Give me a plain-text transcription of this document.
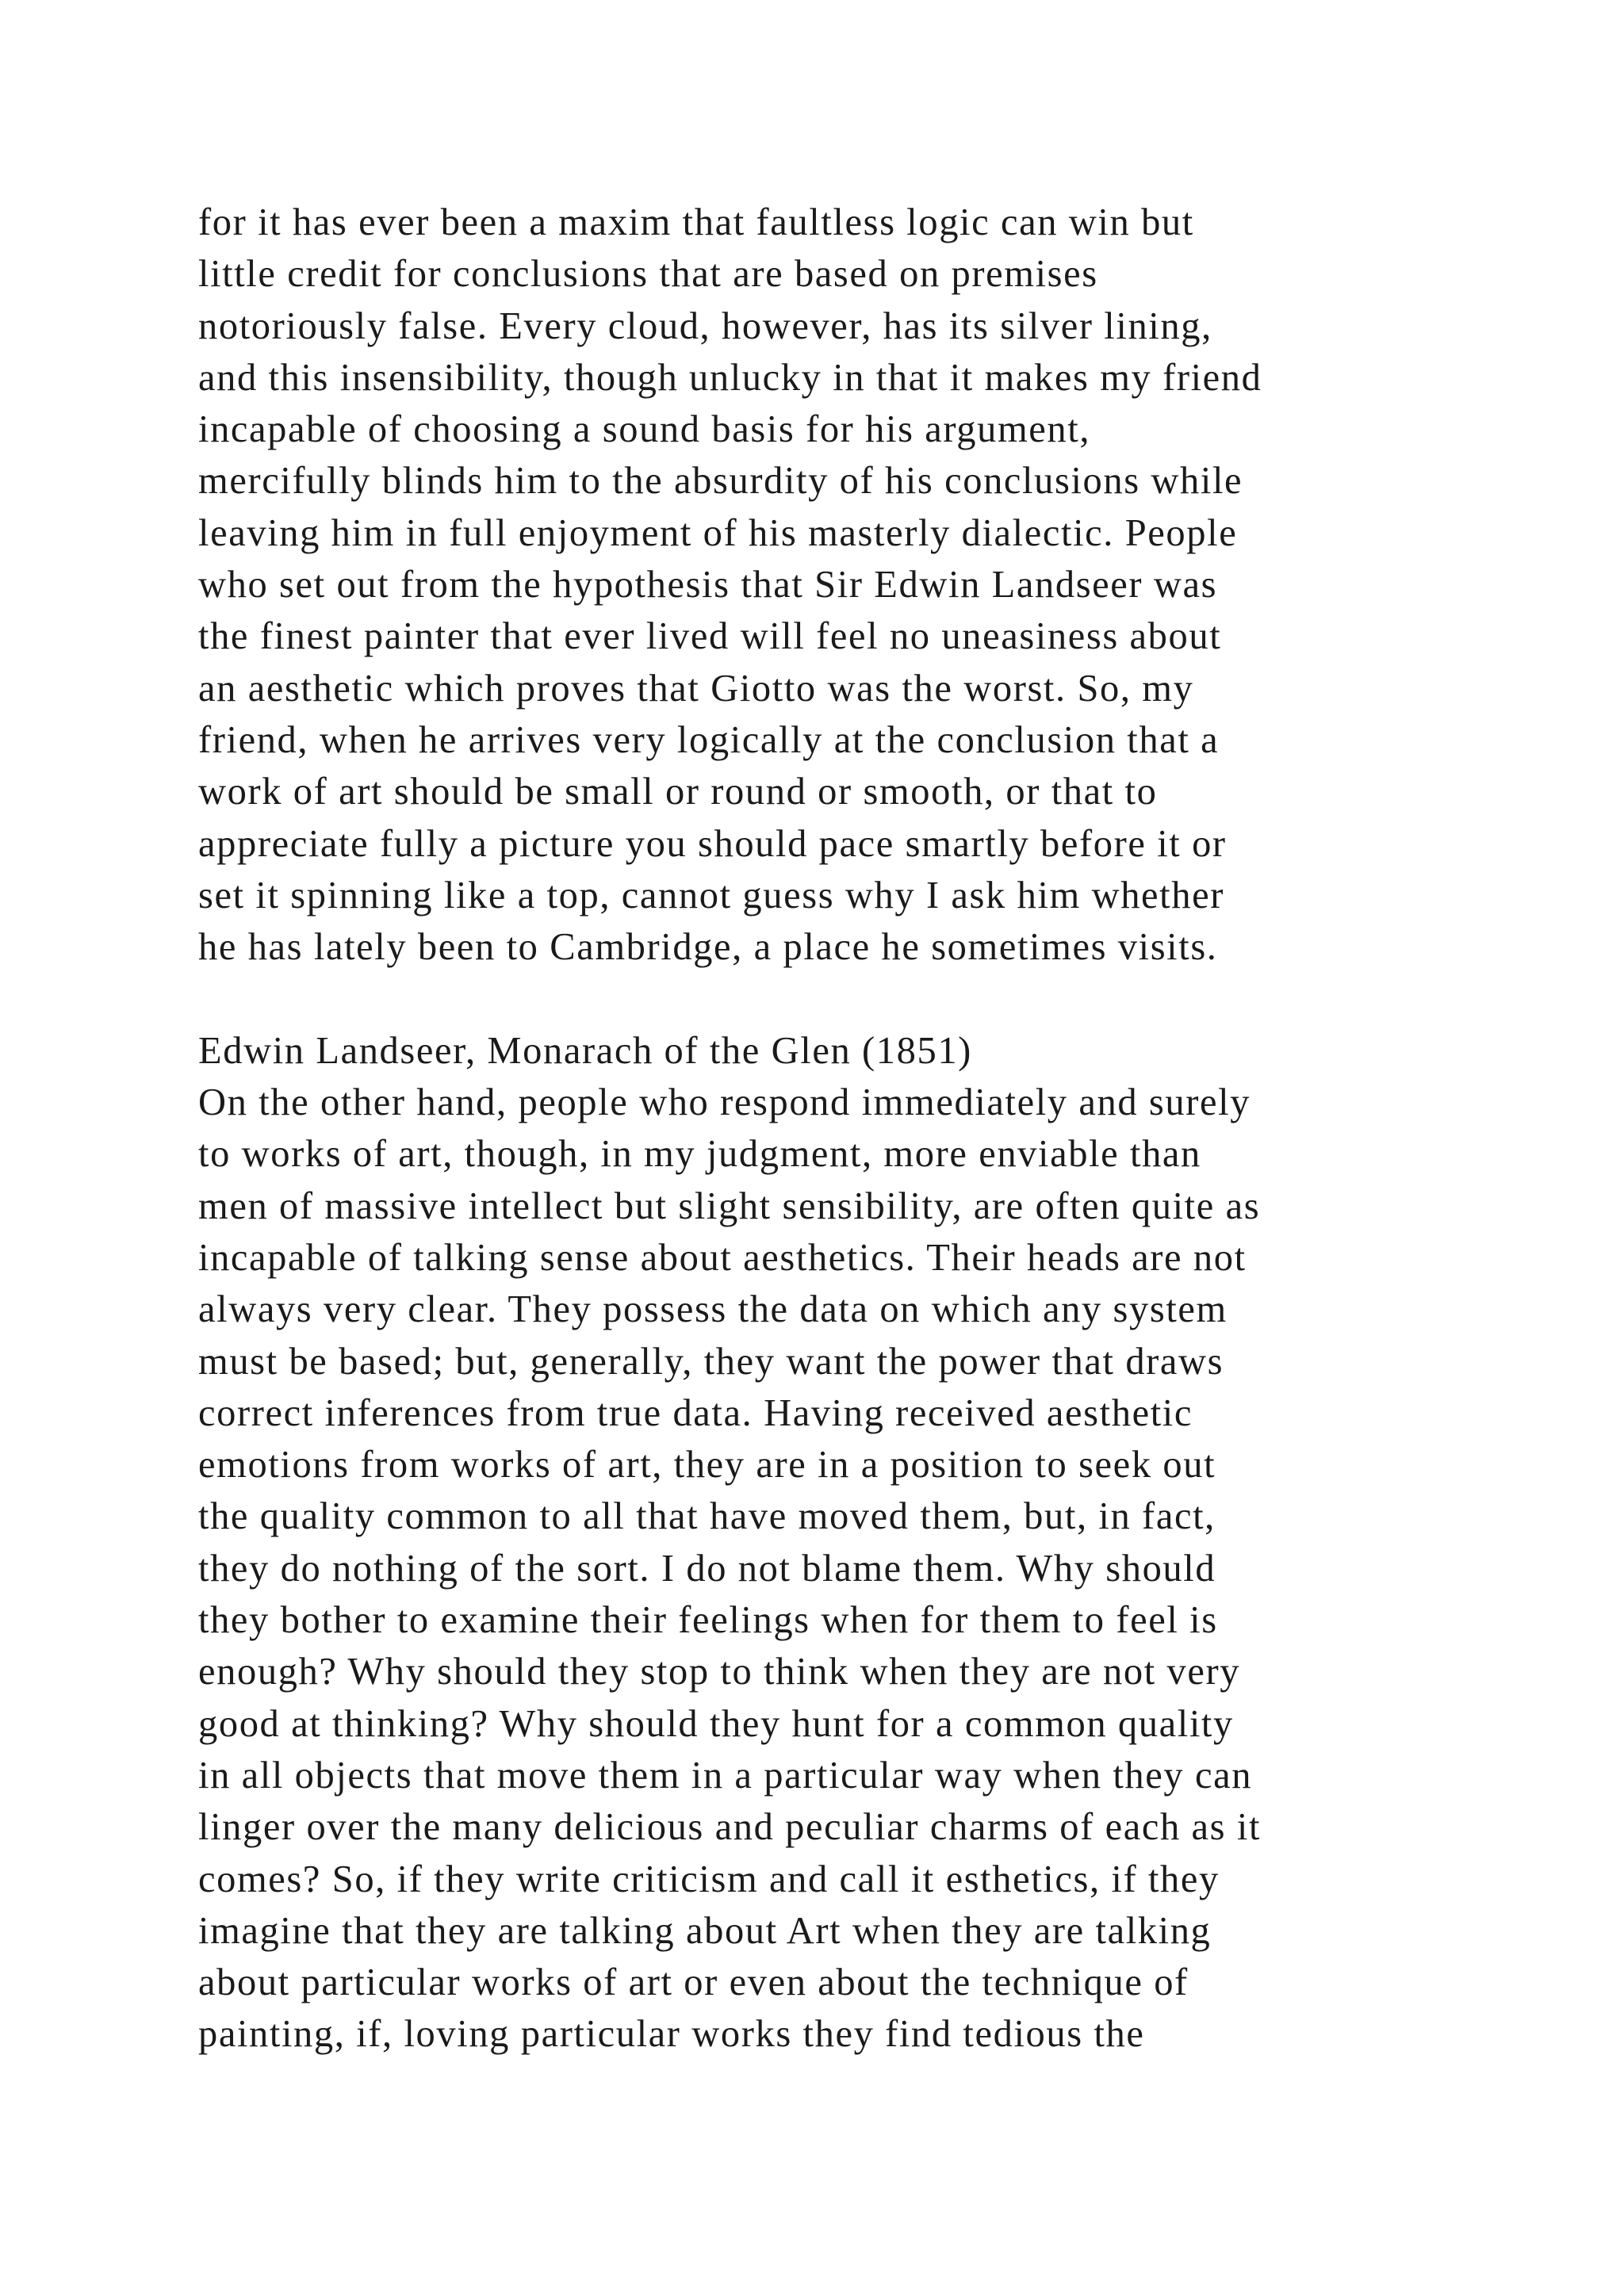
for it has ever been a maxim that faultless logic can win but
little credit for conclusions that are based on premises
notoriously false. Every cloud, however, has its silver lining,
and this insensibility, though unlucky in that it makes my friend
incapable of choosing a sound basis for his argument,
mercifully blinds him to the absurdity of his conclusions while
leaving him in full enjoyment of his masterly dialectic. People
who set out from the hypothesis that Sir Edwin Landseer was
the finest painter that ever lived will feel no uneasiness about
an aesthetic which proves that Giotto was the worst. So, my
friend, when he arrives very logically at the conclusion that a
work of art should be small or round or smooth, or that to
appreciate fully a picture you should pace smartly before it or
set it spinning like a top, cannot guess why I ask him whether
he has lately been to Cambridge, a place he sometimes visits.
Edwin Landseer, Monarach of the Glen (1851)
On the other hand, people who respond immediately and surely
to works of art, though, in my judgment, more enviable than
men of massive intellect but slight sensibility, are often quite as
incapable of talking sense about aesthetics. Their heads are not
always very clear. They possess the data on which any system
must be based; but, generally, they want the power that draws
correct inferences from true data. Having received aesthetic
emotions from works of art, they are in a position to seek out
the quality common to all that have moved them, but, in fact,
they do nothing of the sort. I do not blame them. Why should
they bother to examine their feelings when for them to feel is
enough? Why should they stop to think when they are not very
good at thinking? Why should they hunt for a common quality
in all objects that move them in a particular way when they can
linger over the many delicious and peculiar charms of each as it
comes? So, if they write criticism and call it esthetics, if they
imagine that they are talking about Art when they are talking
about particular works of art or even about the technique of
painting, if, loving particular works they find tedious the
